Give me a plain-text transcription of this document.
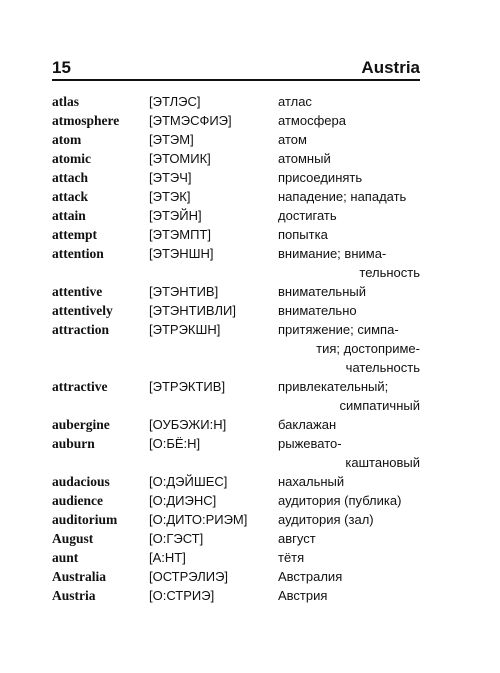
15	Austria
atlas	[ЭТЛЭС]	атлас
atmosphere	[ЭТМЭСФИЭ]	атмосфера
atom	[ЭТЭМ]	атом
atomic	[ЭТОМИК]	атомный
attach	[ЭТЭЧ]	присоединять
attack	[ЭТЭК]	нападение; нападать
attain	[ЭТЭЙН]	достигать
attempt	[ЭТЭМПТ]	попытка
attention	[ЭТЭНШН]	внимание; внима-
тельность
attentive	[ЭТЭНТИВ]	внимательный
attentively	[ЭТЭНТИВЛИ]	внимательно
attraction	[ЭТРЭКШН]	притяжение; симпа-
тия; достоприме-
чательность
attractive	[ЭТРЭКТИВ]	привлекательный;
симпатичный
aubergine	[ОУБЭЖИ:Н]	баклажан
auburn	[О:БЁ:Н]	рыжевато-
каштановый
audacious	[О:ДЭЙШЕС]	нахальный
audience	[О:ДИЭНС]	аудитория (публика)
auditorium	[О:ДИТО:РИЭМ]	аудитория (зал)
August	[О:ГЭСТ]	август
aunt	[А:НТ]	тётя
Australia	[ОСТРЭЛИЭ]	Австралия
Austria	[О:СТРИЭ]	Австрия
